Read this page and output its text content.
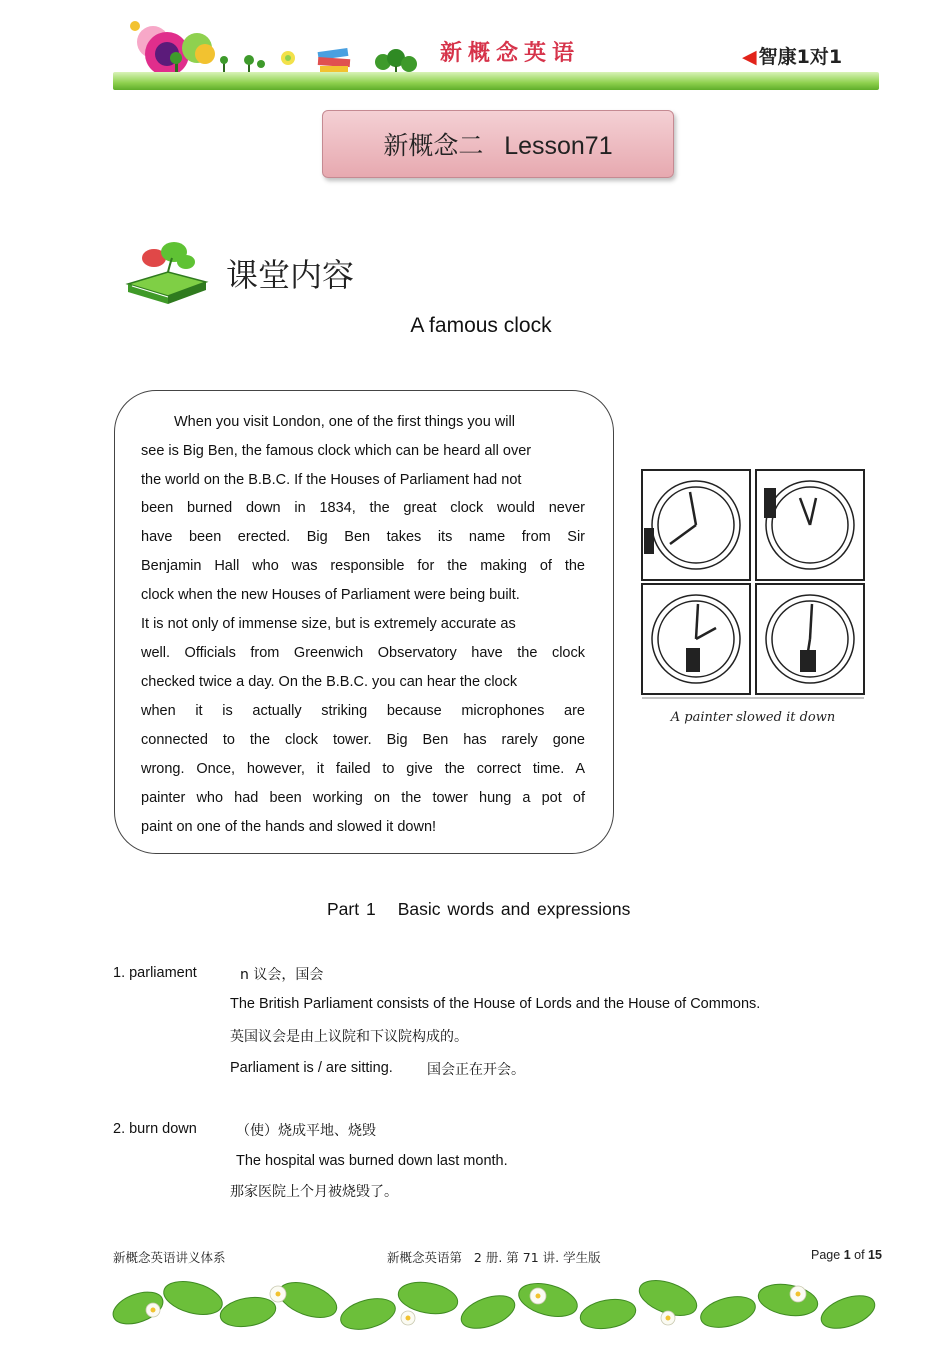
新概念英语	◀ 智康1对1
新概念二   Lesson71
课堂内容
A famous clock
When you visit London, one of the first things you will
see is Big Ben, the famous clock which can be heard all over
the world on the B.B.C. If the Houses of Parliament had not
been burned down in 1834, the great clock would never
have been erected. Big Ben takes its name from Sir
Benjamin Hall who was responsible for the making of the
clock when the new Houses of Parliament were being built.
It is not only of immense size, but is extremely accurate as
well. Officials from Greenwich Observatory have the clock
checked twice a day. On the B.B.C. you can hear the clock
when it is actually striking because microphones are
connected to the clock tower. Big Ben has rarely gone
wrong. Once, however, it failed to give the correct time. A
painter who had been working on the tower hung a pot of
paint on one of the hands and slowed it down!
A painter slowed it down
Part 1 Basic words and expressions
1. parliament	n 议会，国会
The British Parliament consists of the House of Lords and the House of Commons.
英国议会是由上议院和下议院构成的。
Parliament is / are sitting. 国会正在开会。
2. burn down	（使）烧成平地、烧毁
The hospital was burned down last month.
那家医院上个月被烧毁了。
新概念英语讲义体系	新概念英语第   2 册. 第 71 讲. 学生版	Page 1 of 15
